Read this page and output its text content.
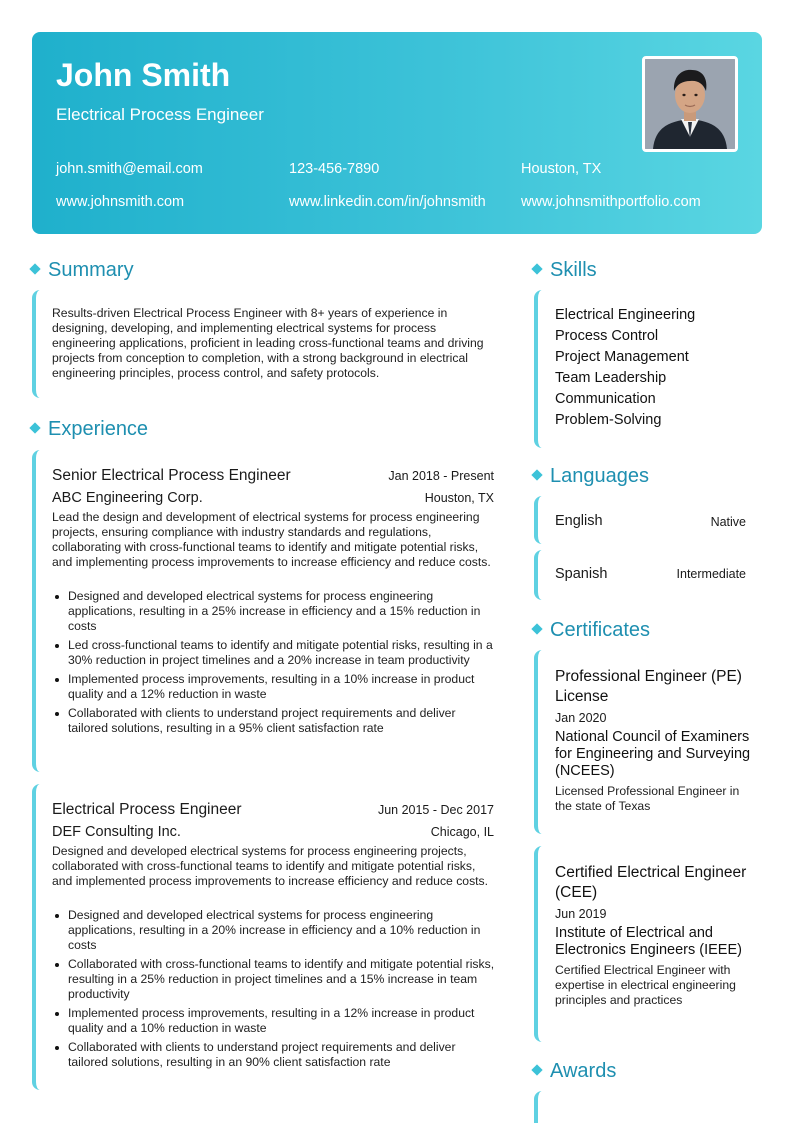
John Smith
Electrical Process Engineer
john.smith@email.com	123-456-7890	Houston, TX
www.johnsmith.com	www.linkedin.com/in/johnsmith www.johnsmithportfolio.com
Summary
Results-driven Electrical Process Engineer with 8+ years of experience in designing, developing, and implementing electrical systems for process engineering applications, proficient in leading cross-functional teams and driving projects from conception to completion, with a strong background in electrical engineering principles, process control, and safety protocols.
Experience
Senior Electrical Process Engineer	Jan 2018 - Present
ABC Engineering Corp.	Houston, TX
Lead the design and development of electrical systems for process engineering projects, ensuring compliance with industry standards and regulations, collaborating with cross-functional teams to identify and mitigate potential risks, and implementing process improvements to increase efficiency and reduce costs.
Designed and developed electrical systems for process engineering applications, resulting in a 25% increase in efficiency and a 15% reduction in costs
Led cross-functional teams to identify and mitigate potential risks, resulting in a 30% reduction in project timelines and a 20% increase in team productivity
Implemented process improvements, resulting in a 10% increase in product quality and a 12% reduction in waste
Collaborated with clients to understand project requirements and deliver tailored solutions, resulting in a 95% client satisfaction rate
Electrical Process Engineer	Jun 2015 - Dec 2017
DEF Consulting Inc.	Chicago, IL
Designed and developed electrical systems for process engineering projects, collaborated with cross-functional teams to identify and mitigate potential risks, and implemented process improvements to increase efficiency and reduce costs.
Designed and developed electrical systems for process engineering applications, resulting in a 20% increase in efficiency and a 10% reduction in costs
Collaborated with cross-functional teams to identify and mitigate potential risks, resulting in a 25% reduction in project timelines and a 15% increase in team productivity
Implemented process improvements, resulting in a 12% increase in product quality and a 10% reduction in waste
Collaborated with clients to understand project requirements and deliver tailored solutions, resulting in an 90% client satisfaction rate
Skills
Electrical Engineering
Process Control
Project Management
Team Leadership
Communication
Problem-Solving
Languages
English	Native
Spanish	Intermediate
Certificates
Professional Engineer (PE) License
Jan 2020
National Council of Examiners for Engineering and Surveying (NCEES)
Licensed Professional Engineer in the state of Texas
Certified Electrical Engineer (CEE)
Jun 2019
Institute of Electrical and Electronics Engineers (IEEE)
Certified Electrical Engineer with expertise in electrical engineering principles and practices
Awards
